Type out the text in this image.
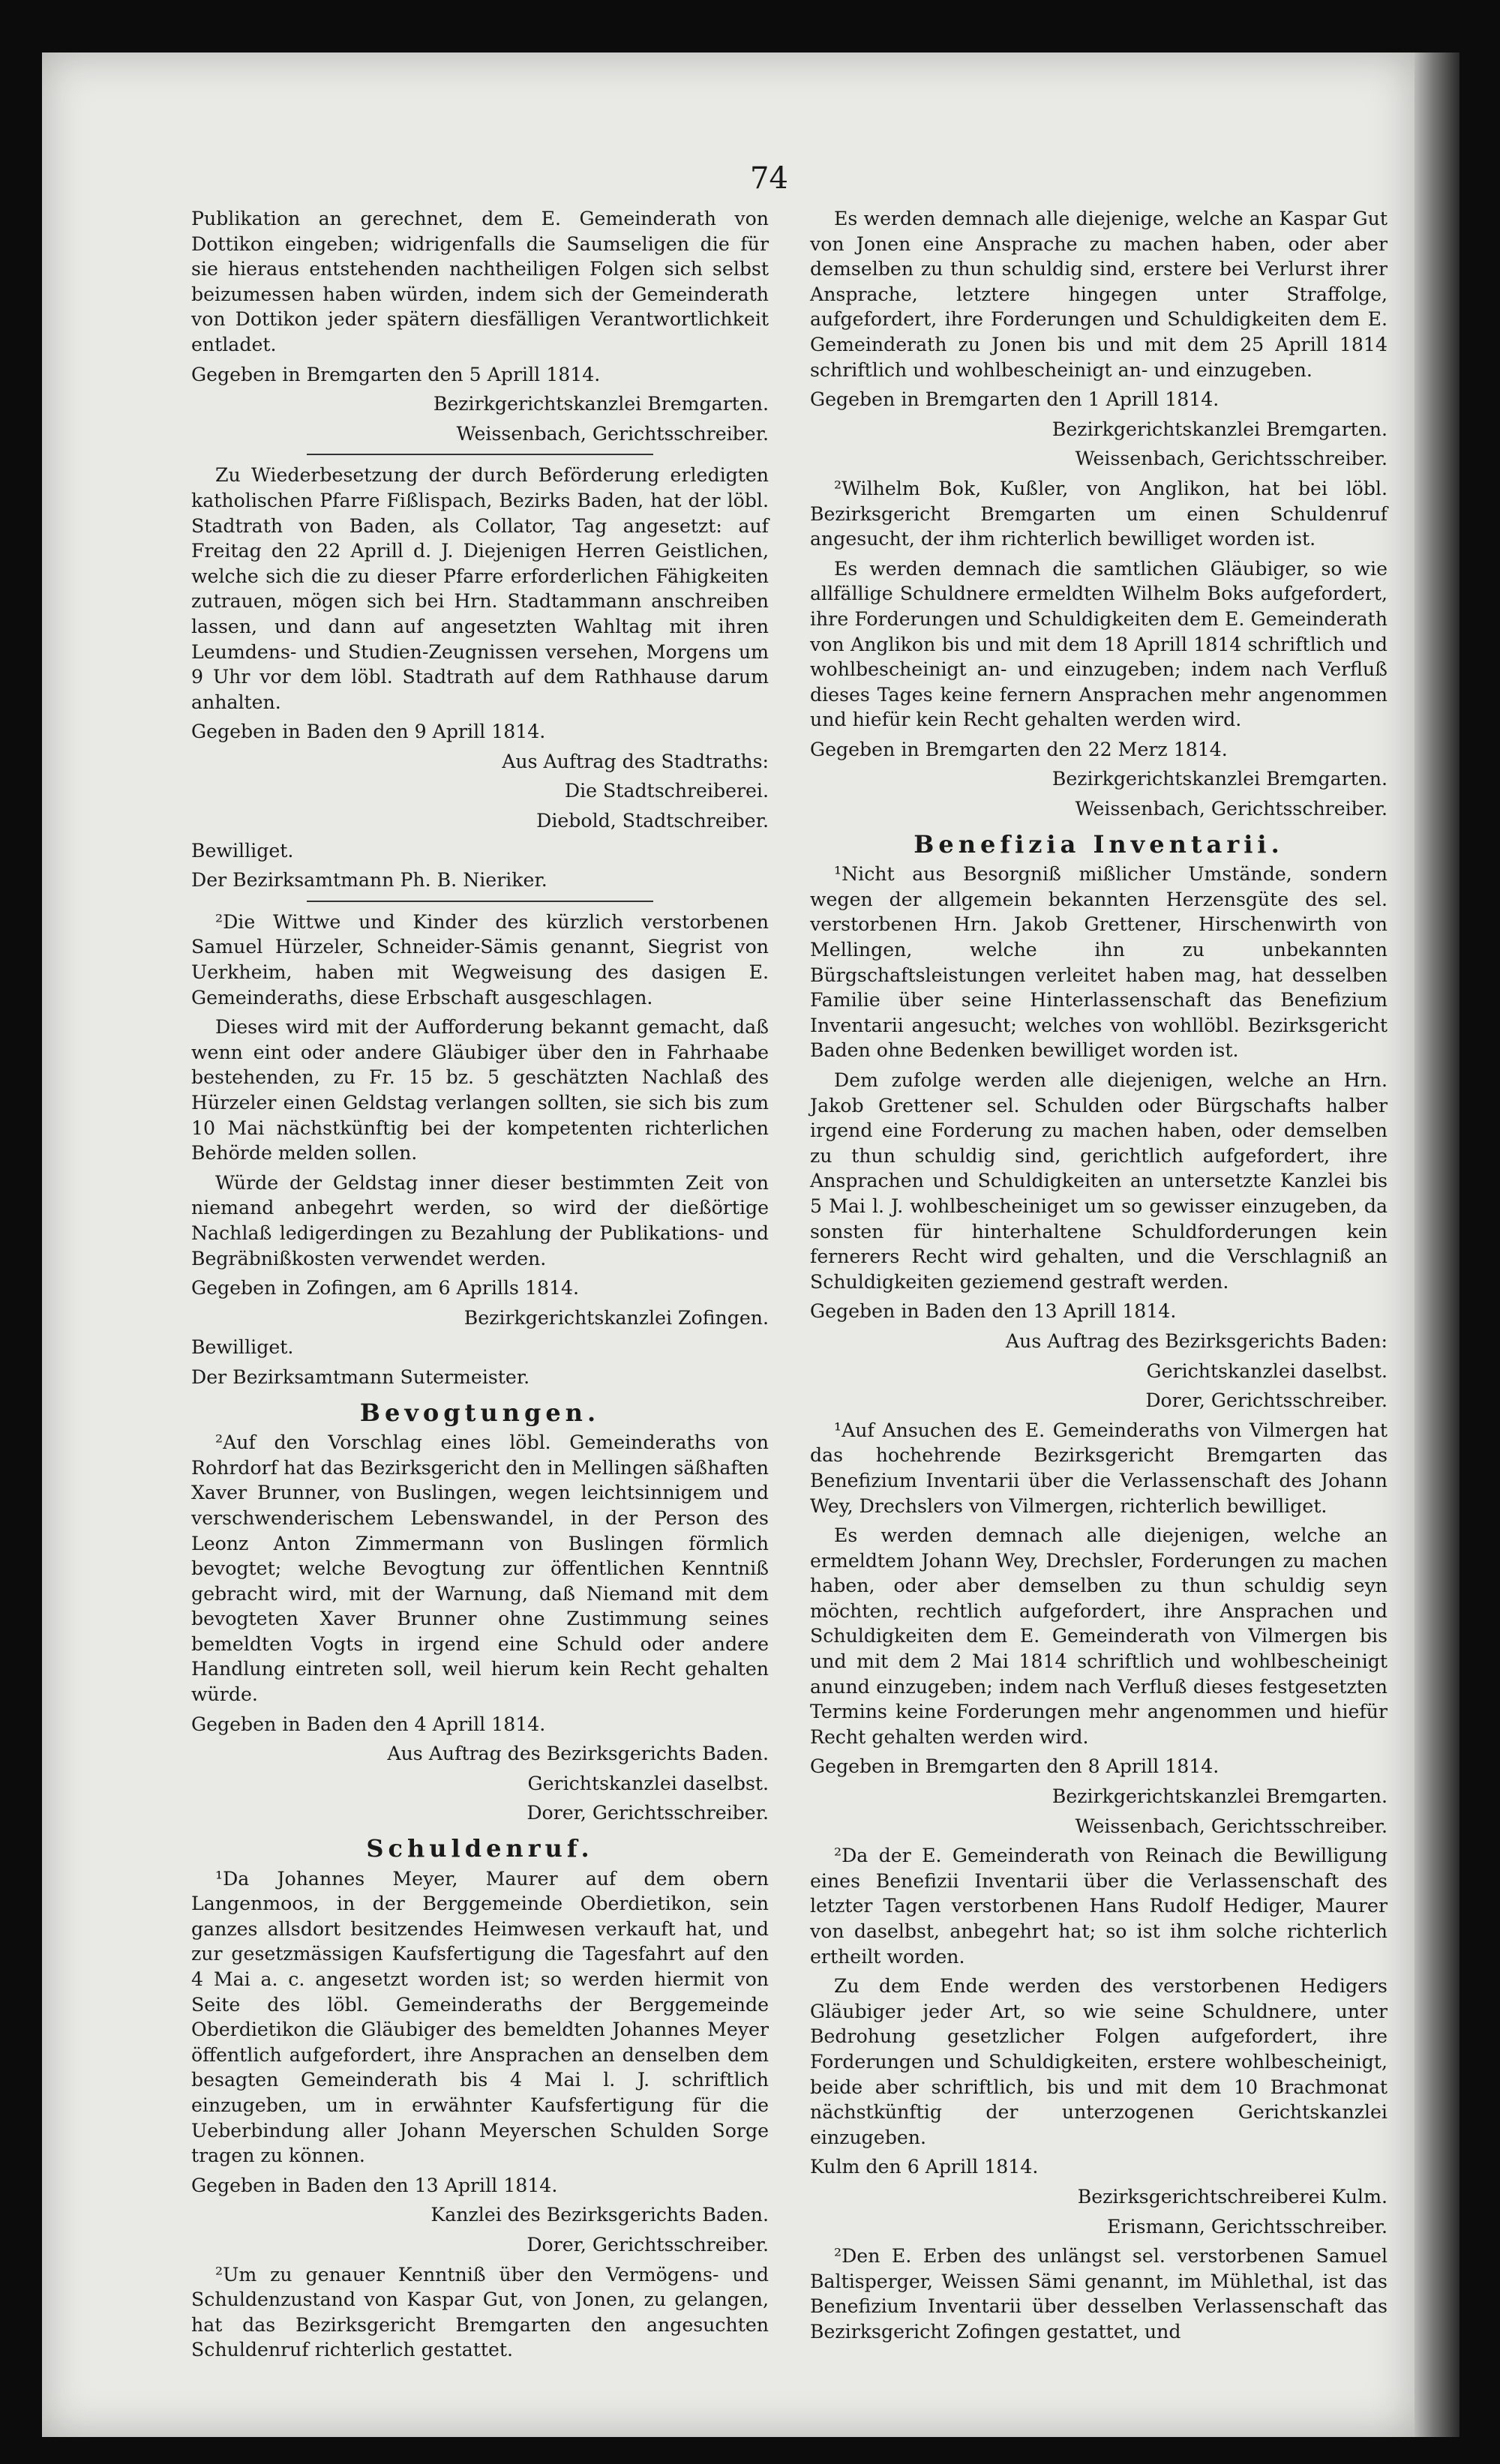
74

Publikation an gerechnet, dem E. Gemeinderath von Dottikon eingeben; widrigenfalls die Saumseligen die für sie hieraus entstehenden nachtheiligen Folgen sich selbst beizumessen haben würden, indem sich der Gemeinderath von Dottikon jeder spätern diesfälligen Verantwortlichkeit entladet.

Gegeben in Bremgarten den 5 Aprill 1814.

Bezirkgerichtskanzlei Bremgarten.

Weissenbach, Gerichtsschreiber.

Zu Wiederbesetzung der durch Beförderung erledigten katholischen Pfarre Fißlispach, Bezirks Baden, hat der löbl. Stadtrath von Baden, als Collator, Tag angesetzt: auf Freitag den 22 Aprill d. J. Diejenigen Herren Geistlichen, welche sich die zu dieser Pfarre erforderlichen Fähigkeiten zutrauen, mögen sich bei Hrn. Stadtammann anschreiben lassen, und dann auf angesetzten Wahltag mit ihren Leumdens- und Studien-Zeugnissen versehen, Morgens um 9 Uhr vor dem löbl. Stadtrath auf dem Rathhause darum anhalten.

Gegeben in Baden den 9 Aprill 1814.

Aus Auftrag des Stadtraths:

Die Stadtschreiberei.

Diebold, Stadtschreiber.

Bewilliget.

Der Bezirksamtmann Ph. B. Nieriker.

²Die Wittwe und Kinder des kürzlich verstorbenen Samuel Hürzeler, Schneider-Sämis genannt, Siegrist von Uerkheim, haben mit Wegweisung des dasigen E. Gemeinderaths, diese Erbschaft ausgeschlagen.

Dieses wird mit der Aufforderung bekannt gemacht, daß wenn eint oder andere Gläubiger über den in Fahrhaabe bestehenden, zu Fr. 15 bz. 5 geschätzten Nachlaß des Hürzeler einen Geldstag verlangen sollten, sie sich bis zum 10 Mai nächstkünftig bei der kompetenten richterlichen Behörde melden sollen.

Würde der Geldstag inner dieser bestimmten Zeit von niemand anbegehrt werden, so wird der dießörtige Nachlaß ledigerdingen zu Bezahlung der Publikations- und Begräbnißkosten verwendet werden.

Gegeben in Zofingen, am 6 Aprills 1814.

Bezirkgerichtskanzlei Zofingen.

Bewilliget.

Der Bezirksamtmann Sutermeister.

Bevogtungen.

²Auf den Vorschlag eines löbl. Gemeinderaths von Rohrdorf hat das Bezirksgericht den in Mellingen säßhaften Xaver Brunner, von Buslingen, wegen leichtsinnigem und verschwenderischem Lebenswandel, in der Person des Leonz Anton Zimmermann von Buslingen förmlich bevogtet; welche Bevogtung zur öffentlichen Kenntniß gebracht wird, mit der Warnung, daß Niemand mit dem bevogteten Xaver Brunner ohne Zustimmung seines bemeldten Vogts in irgend eine Schuld oder andere Handlung eintreten soll, weil hierum kein Recht gehalten würde.

Gegeben in Baden den 4 Aprill 1814.

Aus Auftrag des Bezirksgerichts Baden.

Gerichtskanzlei daselbst.

Dorer, Gerichtsschreiber.

Schuldenruf.

¹Da Johannes Meyer, Maurer auf dem obern Langenmoos, in der Berggemeinde Oberdietikon, sein ganzes allsdort besitzendes Heimwesen verkauft hat, und zur gesetzmässigen Kaufsfertigung die Tagesfahrt auf den 4 Mai a. c. angesetzt worden ist; so werden hiermit von Seite des löbl. Gemeinderaths der Berggemeinde Oberdietikon die Gläubiger des bemeldten Johannes Meyer öffentlich aufgefordert, ihre Ansprachen an denselben dem besagten Gemeinderath bis 4 Mai l. J. schriftlich einzugeben, um in erwähnter Kaufsfertigung für die Ueberbindung aller Johann Meyerschen Schulden Sorge tragen zu können.

Gegeben in Baden den 13 Aprill 1814.

Kanzlei des Bezirksgerichts Baden.

Dorer, Gerichtsschreiber.

²Um zu genauer Kenntniß über den Vermögens- und Schuldenzustand von Kaspar Gut, von Jonen, zu gelangen, hat das Bezirksgericht Bremgarten den angesuchten Schuldenruf richterlich gestattet.

Es werden demnach alle diejenige, welche an Kaspar Gut von Jonen eine Ansprache zu machen haben, oder aber demselben zu thun schuldig sind, erstere bei Verlurst ihrer Ansprache, letztere hingegen unter Straffolge, aufgefordert, ihre Forderungen und Schuldigkeiten dem E. Gemeinderath zu Jonen bis und mit dem 25 Aprill 1814 schriftlich und wohlbescheinigt an- und einzugeben.

Gegeben in Bremgarten den 1 Aprill 1814.

Bezirkgerichtskanzlei Bremgarten.

Weissenbach, Gerichtsschreiber.

²Wilhelm Bok, Kußler, von Anglikon, hat bei löbl. Bezirksgericht Bremgarten um einen Schuldenruf angesucht, der ihm richterlich bewilliget worden ist.

Es werden demnach die samtlichen Gläubiger, so wie allfällige Schuldnere ermeldten Wilhelm Boks aufgefordert, ihre Forderungen und Schuldigkeiten dem E. Gemeinderath von Anglikon bis und mit dem 18 Aprill 1814 schriftlich und wohlbescheinigt an- und einzugeben; indem nach Verfluß dieses Tages keine fernern Ansprachen mehr angenommen und hiefür kein Recht gehalten werden wird.

Gegeben in Bremgarten den 22 Merz 1814.

Bezirkgerichtskanzlei Bremgarten.

Weissenbach, Gerichtsschreiber.

Benefizia Inventarii.

¹Nicht aus Besorgniß mißlicher Umstände, sondern wegen der allgemein bekannten Herzensgüte des sel. verstorbenen Hrn. Jakob Grettener, Hirschenwirth von Mellingen, welche ihn zu unbekannten Bürgschaftsleistungen verleitet haben mag, hat desselben Familie über seine Hinterlassenschaft das Benefizium Inventarii angesucht; welches von wohllöbl. Bezirksgericht Baden ohne Bedenken bewilliget worden ist.

Dem zufolge werden alle diejenigen, welche an Hrn. Jakob Grettener sel. Schulden oder Bürgschafts halber irgend eine Forderung zu machen haben, oder demselben zu thun schuldig sind, gerichtlich aufgefordert, ihre Ansprachen und Schuldigkeiten an untersetzte Kanzlei bis 5 Mai l. J. wohlbescheiniget um so gewisser einzugeben, da sonsten für hinterhaltene Schuldforderungen kein fernerers Recht wird gehalten, und die Verschlagniß an Schuldigkeiten geziemend gestraft werden.

Gegeben in Baden den 13 Aprill 1814.

Aus Auftrag des Bezirksgerichts Baden:

Gerichtskanzlei daselbst.

Dorer, Gerichtsschreiber.

¹Auf Ansuchen des E. Gemeinderaths von Vilmergen hat das hochehrende Bezirksgericht Bremgarten das Benefizium Inventarii über die Verlassenschaft des Johann Wey, Drechslers von Vilmergen, richterlich bewilliget.

Es werden demnach alle diejenigen, welche an ermeldtem Johann Wey, Drechsler, Forderungen zu machen haben, oder aber demselben zu thun schuldig seyn möchten, rechtlich aufgefordert, ihre Ansprachen und Schuldigkeiten dem E. Gemeinderath von Vilmergen bis und mit dem 2 Mai 1814 schriftlich und wohlbescheinigt anund einzugeben; indem nach Verfluß dieses festgesetzten Termins keine Forderungen mehr angenommen und hiefür Recht gehalten werden wird.

Gegeben in Bremgarten den 8 Aprill 1814.

Bezirkgerichtskanzlei Bremgarten.

Weissenbach, Gerichtsschreiber.

²Da der E. Gemeinderath von Reinach die Bewilligung eines Benefizii Inventarii über die Verlassenschaft des letzter Tagen verstorbenen Hans Rudolf Hediger, Maurer von daselbst, anbegehrt hat; so ist ihm solche richterlich ertheilt worden.

Zu dem Ende werden des verstorbenen Hedigers Gläubiger jeder Art, so wie seine Schuldnere, unter Bedrohung gesetzlicher Folgen aufgefordert, ihre Forderungen und Schuldigkeiten, erstere wohlbescheinigt, beide aber schriftlich, bis und mit dem 10 Brachmonat nächstkünftig der unterzogenen Gerichtskanzlei einzugeben.

Kulm den 6 Aprill 1814.

Bezirksgerichtschreiberei Kulm.

Erismann, Gerichtsschreiber.

²Den E. Erben des unlängst sel. verstorbenen Samuel Baltisperger, Weissen Sämi genannt, im Mühlethal, ist das Benefizium Inventarii über desselben Verlassenschaft das Bezirksgericht Zofingen gestattet, und
